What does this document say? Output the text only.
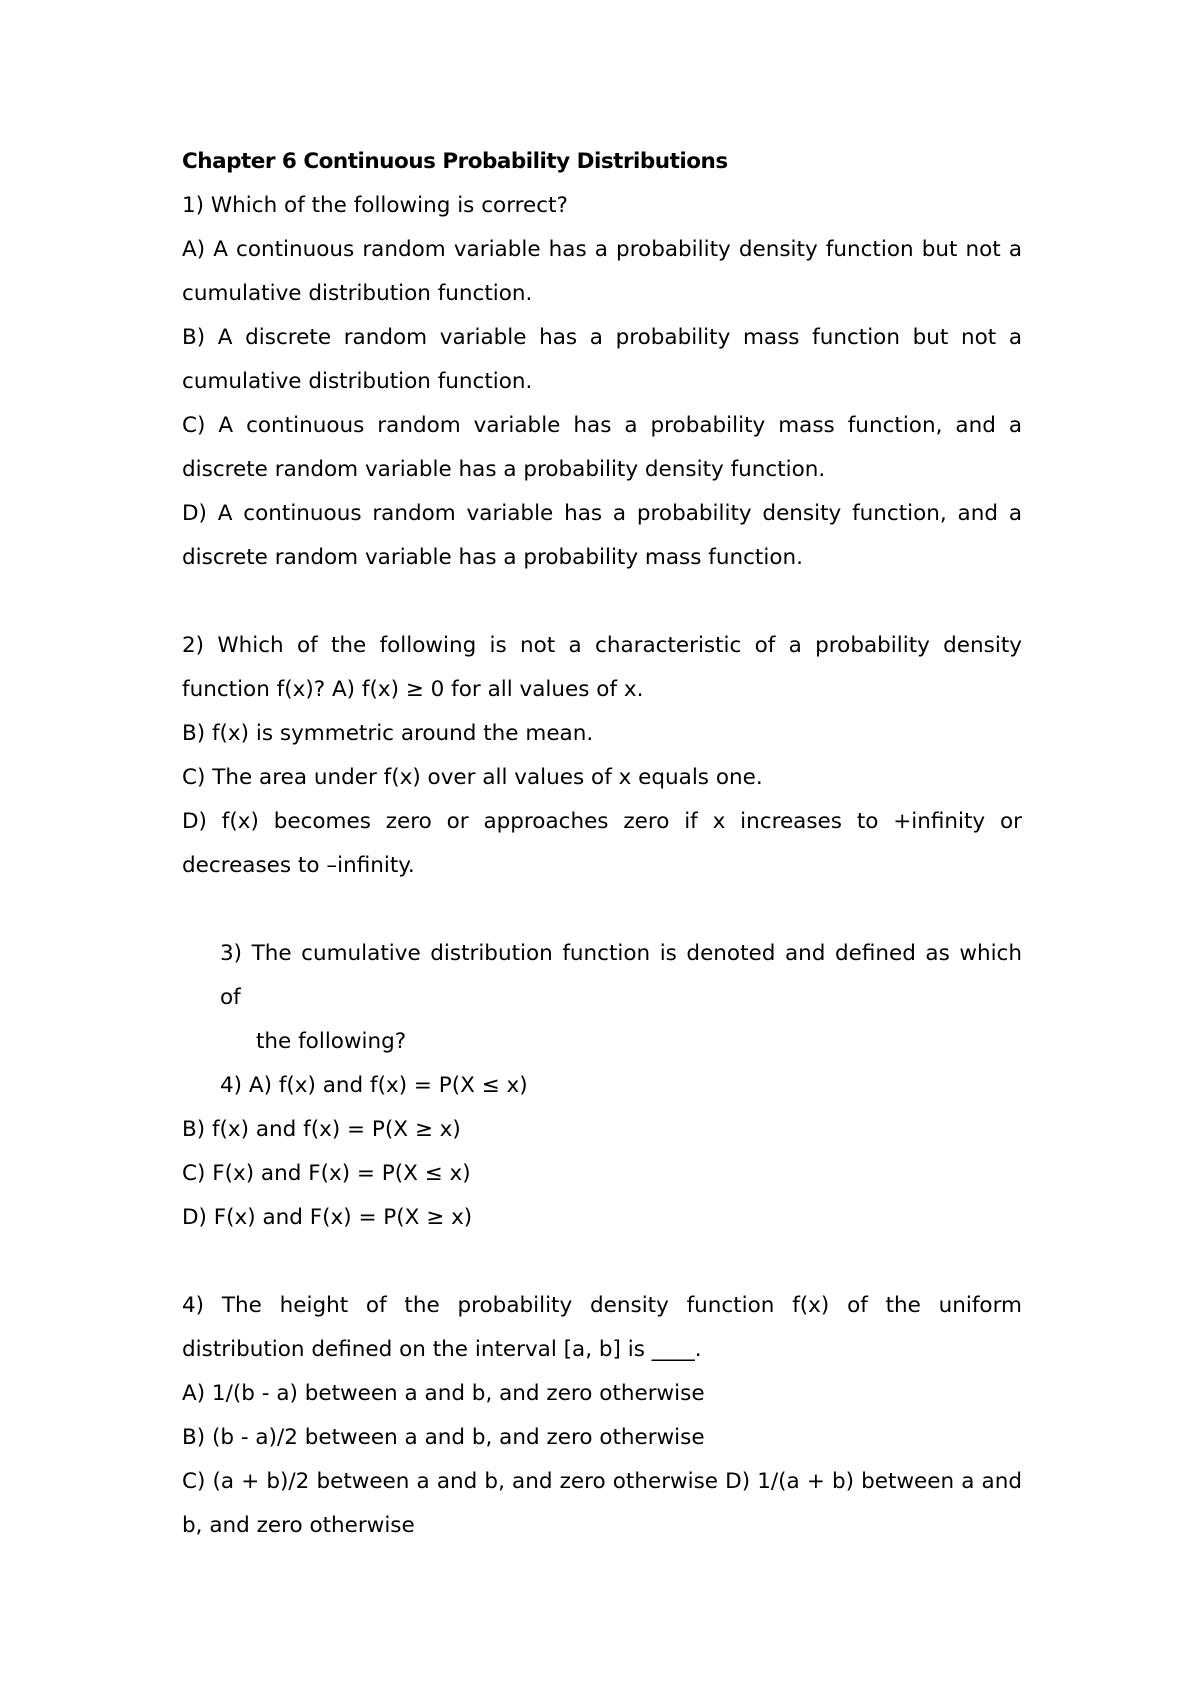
Chapter 6 Continuous Probability Distributions

1) Which of the following is correct?

A) A continuous random variable has a probability density function but not a cumulative distribution function.

B) A discrete random variable has a probability mass function but not a cumulative distribution function.

C) A continuous random variable has a probability mass function, and a discrete random variable has a probability density function.

D) A continuous random variable has a probability density function, and a discrete random variable has a probability mass function.

2) Which of the following is not a characteristic of a probability density function f(x)? A) f(x) ≥ 0 for all values of x.

B) f(x) is symmetric around the mean.

C) The area under f(x) over all values of x equals one.

D) f(x) becomes zero or approaches zero if x increases to +infinity or decreases to –infinity.

3) The cumulative distribution function is denoted and defined as which of

the following?

4) A) f(x) and f(x) = P(X ≤ x)

B) f(x) and f(x) = P(X ≥ x)

C) F(x) and F(x) = P(X ≤ x)

D) F(x) and F(x) = P(X ≥ x)

4) The height of the probability density function f(x) of the uniform distribution defined on the interval [a, b] is ____.

A) 1/(b - a) between a and b, and zero otherwise

B) (b - a)/2 between a and b, and zero otherwise

C) (a + b)/2 between a and b, and zero otherwise D) 1/(a + b) between a and b, and zero otherwise
